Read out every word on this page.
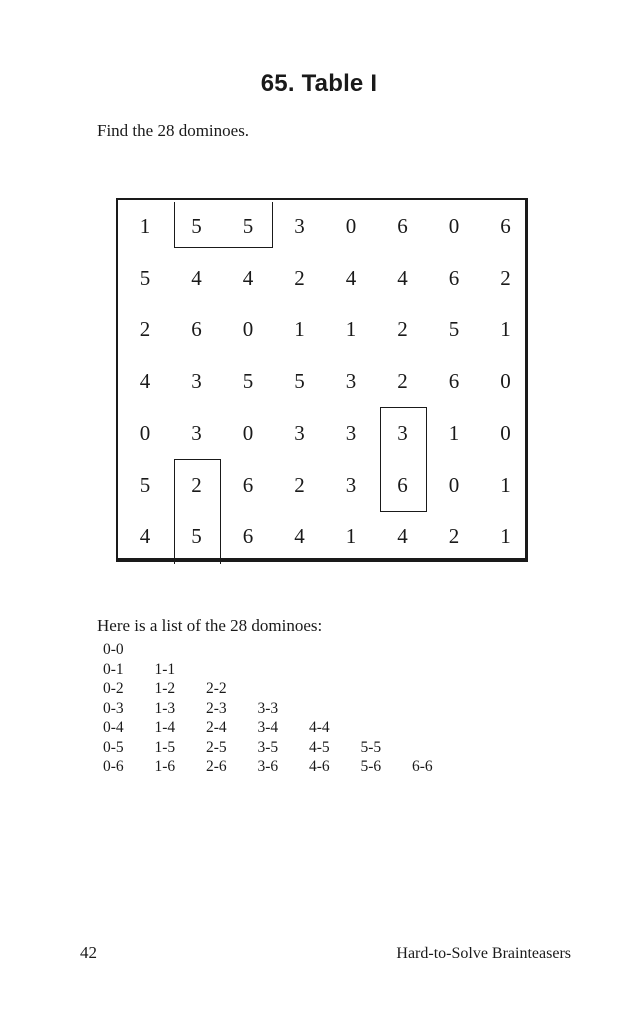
65. Table I
Find the 28 dominoes.
1	5	5	3	0	6	0	6
5	4	4	2	4	4	6	2
2	6	0	1	1	2	5	1
4	3	5	5	3	2	6	0
0	3	0	3	3	3	1	0
5	2	6	2	3	6	0	1
4	5	6	4	1	4	2	1
Here is a list of the 28 dominoes:
0-0
0-1 1-1
0-2 1-2 2-2
0-3 1-3 2-3 3-3
0-4 1-4 2-4 3-4 4-4
0-5 1-5 2-5 3-5 4-5 5-5
0-6 1-6 2-6 3-6 4-6 5-6 6-6
42	Hard-to-Solve Brainteasers
